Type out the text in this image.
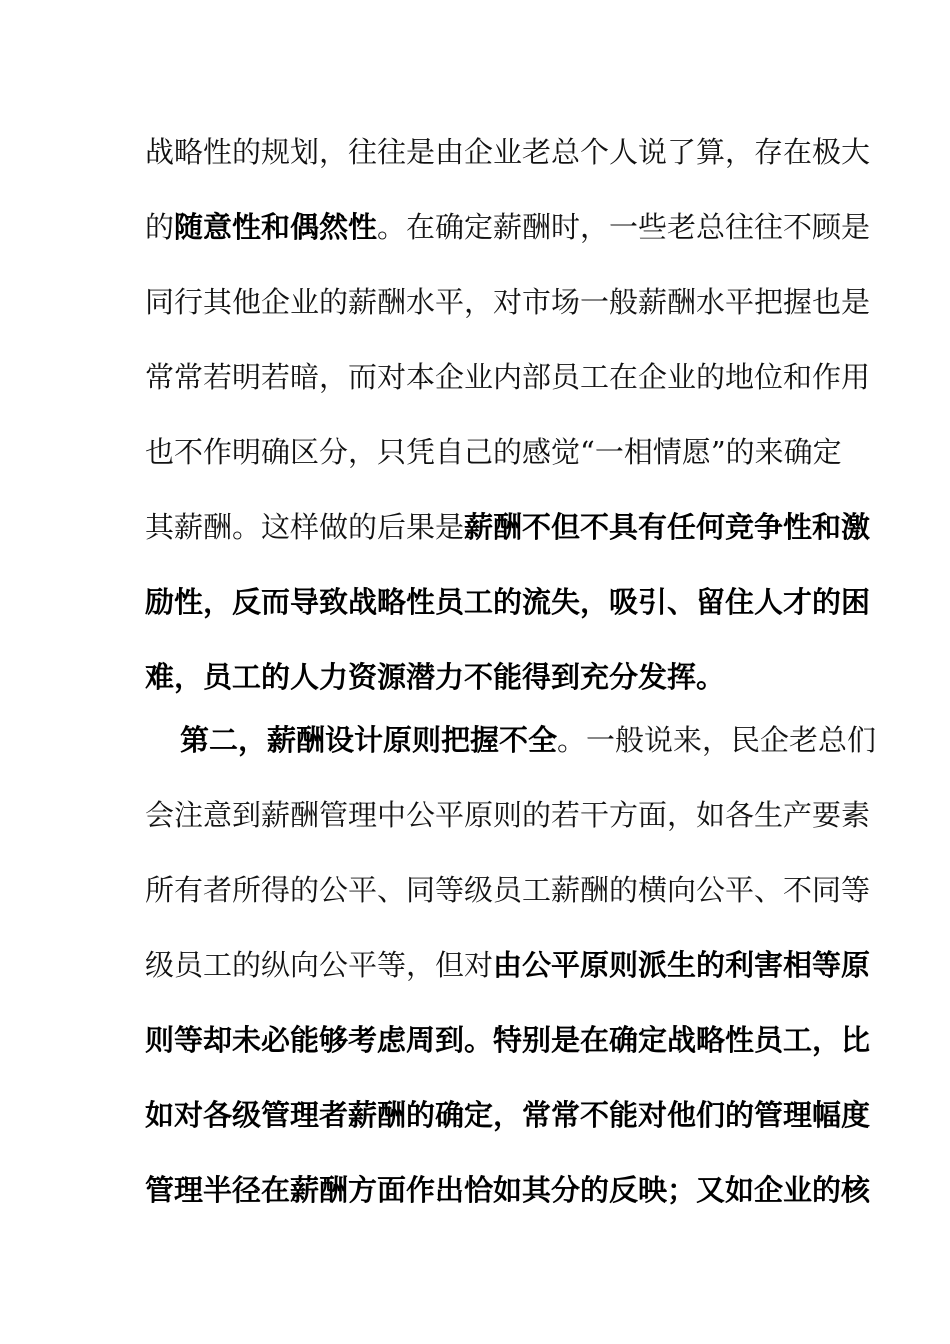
战略性的规划，往往是由企业老总个人说了算，存在极大
的随意性和偶然性。在确定薪酬时，一些老总往往不顾是
同行其他企业的薪酬水平，对市场一般薪酬水平把握也是
常常若明若暗，而对本企业内部员工在企业的地位和作用
也不作明确区分，只凭自己的感觉“一相情愿”的来确定
其薪酬。这样做的后果是薪酬不但不具有任何竞争性和激
励性，反而导致战略性员工的流失，吸引、留住人才的困
难，员工的人力资源潜力不能得到充分发挥。
第二，薪酬设计原则把握不全。一般说来，民企老总们
会注意到薪酬管理中公平原则的若干方面，如各生产要素
所有者所得的公平、同等级员工薪酬的横向公平、不同等
级员工的纵向公平等，但对由公平原则派生的利害相等原
则等却未必能够考虑周到。特别是在确定战略性员工，比
如对各级管理者薪酬的确定，常常不能对他们的管理幅度
管理半径在薪酬方面作出恰如其分的反映；又如企业的核
